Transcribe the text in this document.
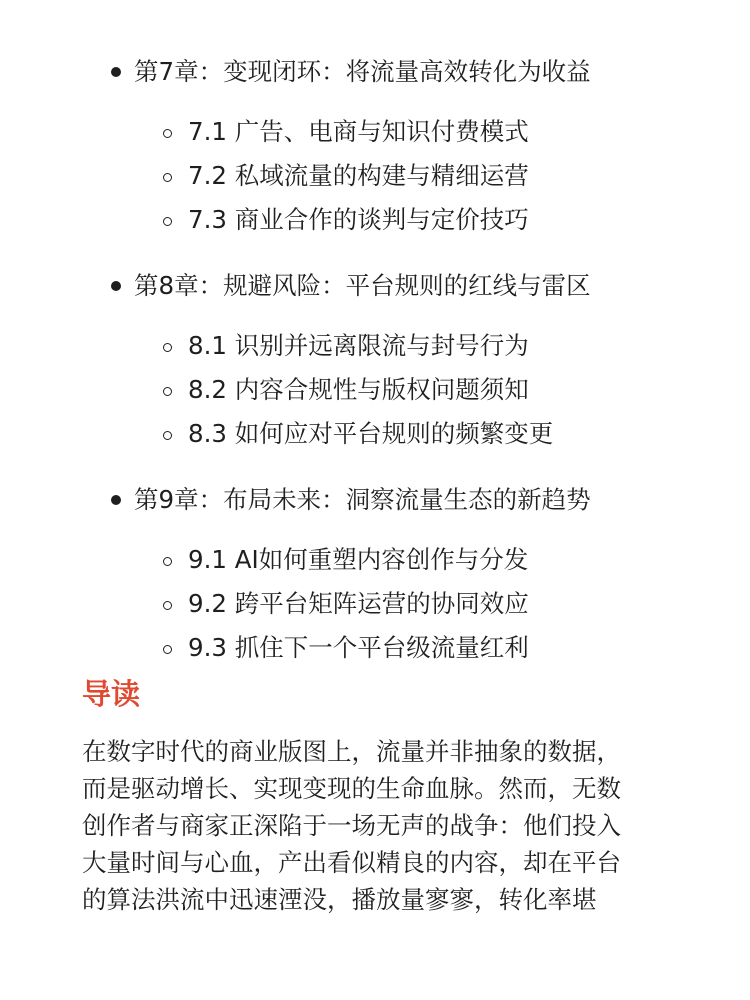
第7章：变现闭环：将流量高效转化为收益
7.1 广告、电商与知识付费模式
7.2 私域流量的构建与精细运营
7.3 商业合作的谈判与定价技巧
第8章：规避风险：平台规则的红线与雷区
8.1 识别并远离限流与封号行为
8.2 内容合规性与版权问题须知
8.3 如何应对平台规则的频繁变更
第9章：布局未来：洞察流量生态的新趋势
9.1 AI如何重塑内容创作与分发
9.2 跨平台矩阵运营的协同效应
9.3 抓住下一个平台级流量红利
导读
在数字时代的商业版图上，流量并非抽象的数据，
而是驱动增长、实现变现的生命血脉。然而，无数
创作者与商家正深陷于一场无声的战争：他们投入
大量时间与心血，产出看似精良的内容，却在平台
的算法洪流中迅速湮没，播放量寥寥，转化率堪
